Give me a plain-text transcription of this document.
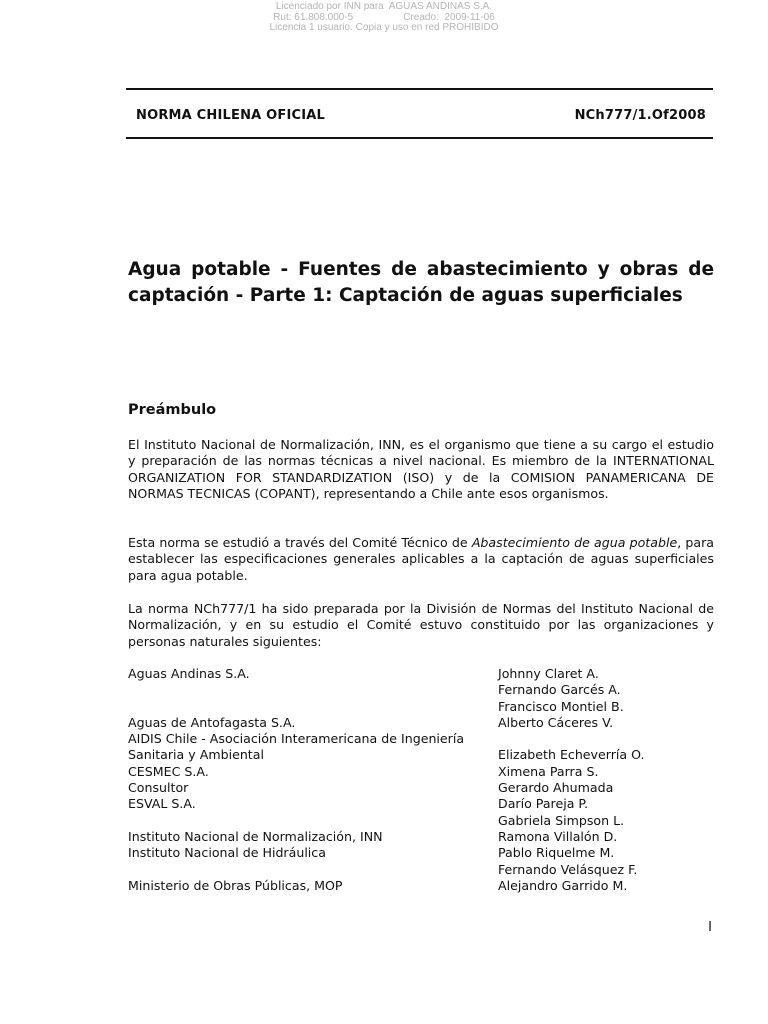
Licenciado por INN para  AGUAS ANDINAS S.A.
Rut: 61.808.000-5                  Creado:  2009-11-06
Licencia 1 usuario. Copia y uso en red PROHIBIDO
NORMA CHILENA OFICIAL	NCh777/1.Of2008
Agua potable - Fuentes de abastecimiento y obras de captación - Parte 1: Captación de aguas superficiales
Preámbulo
El Instituto Nacional de Normalización, INN, es el organismo que tiene a su cargo el estudio y preparación de las normas técnicas a nivel nacional. Es miembro de la INTERNATIONAL ORGANIZATION FOR STANDARDIZATION (ISO) y de la COMISION PANAMERICANA DE NORMAS TECNICAS (COPANT), representando a Chile ante esos organismos.
Esta norma se estudió a través del Comité Técnico de Abastecimiento de agua potable, para establecer las especificaciones generales aplicables a la captación de aguas superficiales para agua potable.
La norma NCh777/1 ha sido preparada por la División de Normas del Instituto Nacional de Normalización, y en su estudio el Comité estuvo constituido por las organizaciones y personas naturales siguientes:
Aguas Andinas S.A.	Johnny Claret A.
Fernando Garcés A.
Francisco Montiel B.
Aguas de Antofagasta S.A.	Alberto Cáceres V.
AIDIS Chile - Asociación Interamericana de Ingeniería
Sanitaria y Ambiental	Elizabeth Echeverría O.
CESMEC S.A.	Ximena Parra S.
Consultor	Gerardo Ahumada
ESVAL S.A.	Darío Pareja P.
Gabriela Simpson L.
Instituto Nacional de Normalización, INN	Ramona Villalón D.
Instituto Nacional de Hidráulica	Pablo Riquelme M.
Fernando Velásquez F.
Ministerio de Obras Públicas, MOP	Alejandro Garrido M.
I
